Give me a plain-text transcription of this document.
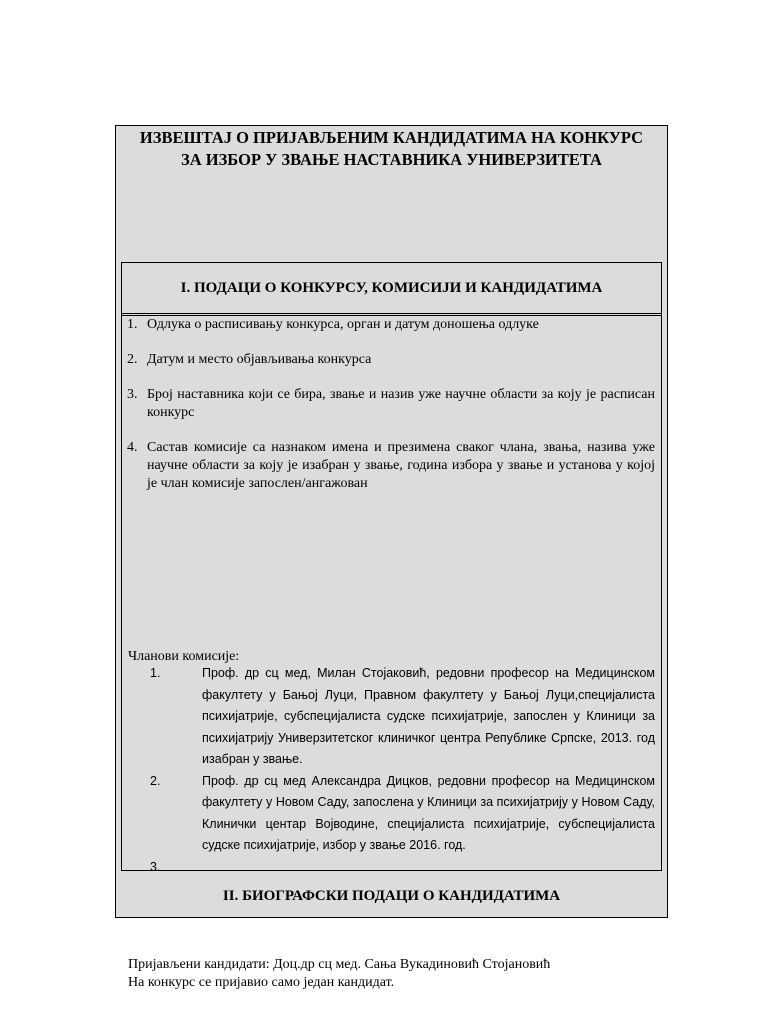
ИЗВЕШТАЈ О ПРИЈАВЉЕНИМ КАНДИДАТИМА НА КОНКУРС
ЗА ИЗБОР У ЗВАЊЕ НАСТАВНИКА УНИВЕРЗИТЕТА
I. ПОДАЦИ О КОНКУРСУ, КОМИСИЈИ И КАНДИДАТИМА
1. Одлука о расписивању конкурса, орган и датум доношења одлуке
2. Датум и место објављивања конкурса
3. Број наставника који се бира, звање и назив уже научне области за коју је расписан конкурс
4. Састав комисије са назнаком имена и презимена сваког члана, звања, назива уже научне области за коју је изабран у звање, година избора у звање и установа у којој је члан комисије запослен/ангажован
Чланови комисије:
1.	Проф. др сц мед, Милан Стојаковић, редовни професор на Медицинском факултету у Бањој Луци, Правном факултету у Бањој Луци,специјалиста психијатрије, субспецијалиста судске психијатрије, запослен у Клиници за психијатрију Универзитетског клиничког центра Републике Српске, 2013. год изабран у звање.
2.	Проф. др сц мед Александра Дицков, редовни професор на Медицинском факултету у Новом Саду, запослена у Клиници за психијатрију у Новом Саду, Клинички центар Војводине, специјалиста психијатрије, субспецијалиста судске психијатрије, избор у звање 2016. год.
3.
Пријављени кандидати: Доц.др сц мед. Сања Вукадиновић Стојановић
На конкурс се пријавио само један кандидат.
II. БИОГРАФСКИ ПОДАЦИ О КАНДИДАТИМА
